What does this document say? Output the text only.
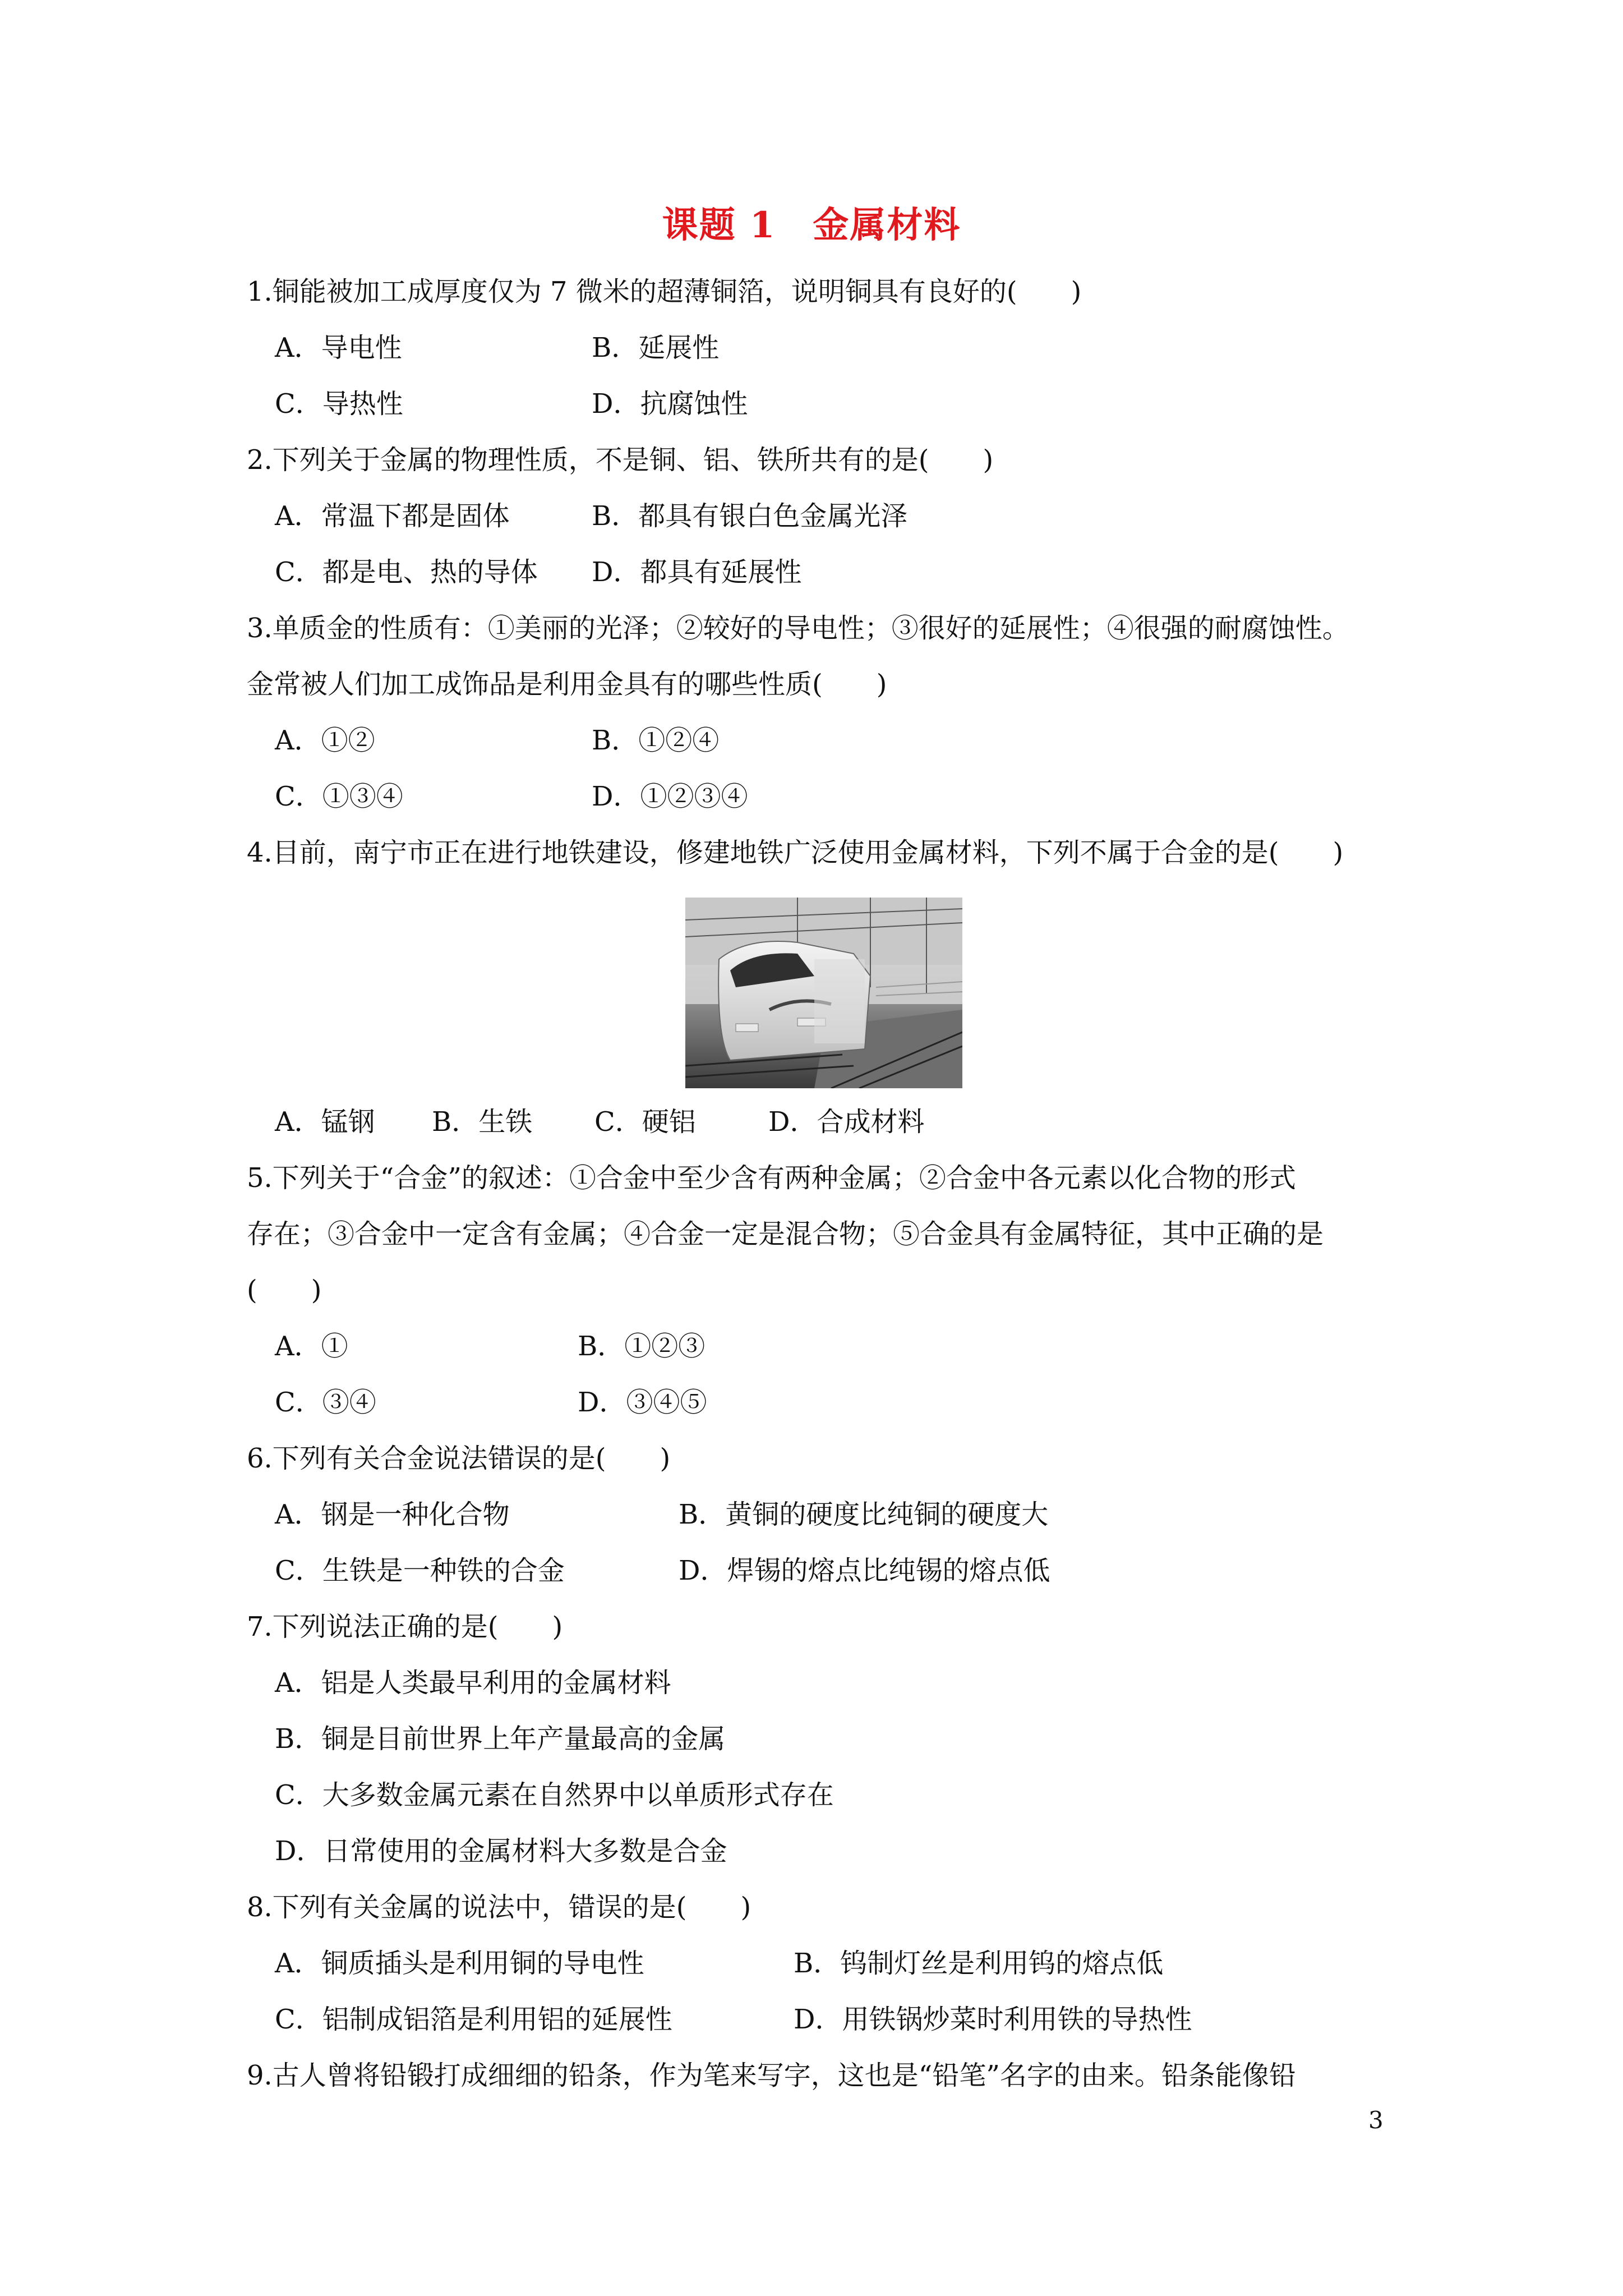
课题 1　金属材料
1.铜能被加工成厚度仅为 7 微米的超薄铜箔，说明铜具有良好的(　　)
A．导电性	B．延展性
C．导热性	D．抗腐蚀性
2.下列关于金属的物理性质，不是铜、铝、铁所共有的是(　　)
A．常温下都是固体	B．都具有银白色金属光泽
C．都是电、热的导体 D．都具有延展性
3.单质金的性质有：①美丽的光泽；②较好的导电性；③很好的延展性；④很强的耐腐蚀性。
金常被人们加工成饰品是利用金具有的哪些性质(　　)
A．①②	B．①②④
C．①③④	D．①②③④
4.目前，南宁市正在进行地铁建设，修建地铁广泛使用金属材料，下列不属于合金的是(　　)
A．锰钢 B．生铁 C．硬铝	D．合成材料
5.下列关于“合金”的叙述：①合金中至少含有两种金属；②合金中各元素以化合物的形式
存在；③合金中一定含有金属；④合金一定是混合物；⑤合金具有金属特征，其中正确的是
(　　)
A．①	B．①②③
C．③④	D．③④⑤
6.下列有关合金说法错误的是(　　)
A．钢是一种化合物	B．黄铜的硬度比纯铜的硬度大
C．生铁是一种铁的合金	D．焊锡的熔点比纯锡的熔点低
7.下列说法正确的是(　　)
A．铝是人类最早利用的金属材料
B．铜是目前世界上年产量最高的金属
C．大多数金属元素在自然界中以单质形式存在
D．日常使用的金属材料大多数是合金
8.下列有关金属的说法中，错误的是(　　)
A．铜质插头是利用铜的导电性	B．钨制灯丝是利用钨的熔点低
C．铝制成铝箔是利用铝的延展性	D．用铁锅炒菜时利用铁的导热性
9.古人曾将铅锻打成细细的铅条，作为笔来写字，这也是“铅笔”名字的由来。铅条能像铅
3
